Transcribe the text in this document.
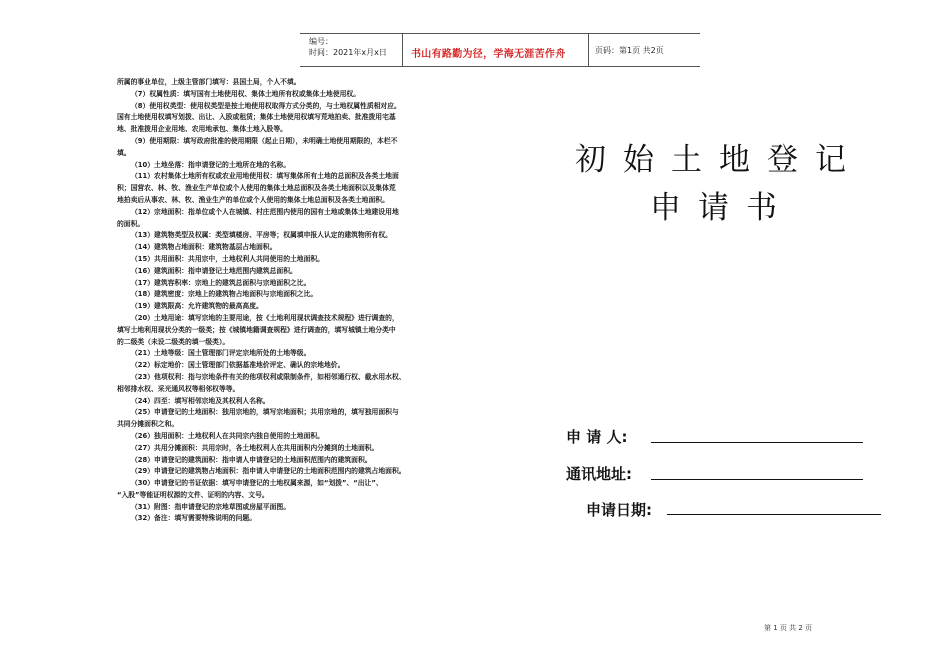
编号：
时间：2021年x月x日 书山有路勤为径，学海无涯苦作舟	页码：第1页 共2页

所属的事业单位，上级主管部门填写：县国土局，个人不填。

（7）权属性质：填写国有土地使用权、集体土地所有权或集体土地使用权。

（8）使用权类型：使用权类型是按土地使用权取得方式分类的，与土地权属性质相对应。

国有土地使用权填写划拨、出让、入股或租赁；集体土地使用权填写荒地拍卖、批准拨用宅基

地、批准拨用企业用地、农用地承包、集体土地入股等。

（9）使用期限：填写政府批准的使用期限（起止日期），未明确土地使用期限的，本栏不

填。

（10）土地坐落：指申请登记的土地所在地的名称。

（11）农村集体土地所有权或农业用地使用权：填写集体所有土地的总面积及各类土地面

积；国营农、林、牧、渔业生产单位或个人使用的集体土地总面积及各类土地面积以及集体荒

地拍卖后从事农、林、牧、渔业生产的单位或个人使用的集体土地总面积及各类土地面积。

（12）宗地面积：指单位或个人在城镇、村庄范围内使用的国有土地或集体土地建设用地

的面积。

（13）建筑物类型及权属：类型填楼房、平房等；权属填申报人认定的建筑物所有权。

（14）建筑物占地面积：建筑物基层占地面积。

（15）共用面积：共用宗中，土地权利人共同使用的土地面积。

（16）建筑面积：指申请登记土地范围内建筑总面积。

（17）建筑容积率：宗地上的建筑总面积与宗地面积之比。

（18）建筑密度：宗地上的建筑物占地面积与宗地面积之比。

（19）建筑限高：允许建筑物的最高高度。

（20）土地用途：填写宗地的主要用途，按《土地利用现状调查技术规程》进行调查的，

填写土地利用现状分类的一级类；按《城镇地籍调查规程》进行调查的，填写城镇土地分类中

的二级类（未设二级类的填一级类）。

（21）土地等级：国土管理部门评定宗地所处的土地等级。

（22）标定地价：国土管理部门依据基准地价评定、确认的宗地地价。

（23）他项权利：指与宗地条件有关的他项权利或限制条件，如相邻通行权、截水用水权、

相邻排水权、采光通风权等相邻权等等。

（24）四至：填写相邻宗地及其权利人名称。

（25）申请登记的土地面积：独用宗地的，填写宗地面积；共用宗地的，填写独用面积与

共同分摊面积之和。

（26）独用面积：土地权利人在共同宗内独自使用的土地面积。

（27）共用分摊面积：共用宗时，各土地权利人在共用面积内分摊到的土地面积。

（28）申请登记的建筑面积：指申请人申请登记的土地面积范围内的建筑面积。

（29）申请登记的建筑物占地面积：指申请人申请登记的土地面积范围内的建筑占地面积。

（30）申请登记的书证依据：填写申请登记的土地权属来源，如“划拨”、“出让”、

“入股”等能证明权源的文件、证明的内容、文号。

（31）附图：指申请登记的宗地草图或房屋平面图。

（32）备注：填写需要特殊说明的问题。

初始土地登记
申请书
申 请 人:
通讯地址:
申请日期:
第 1 页 共 2 页
